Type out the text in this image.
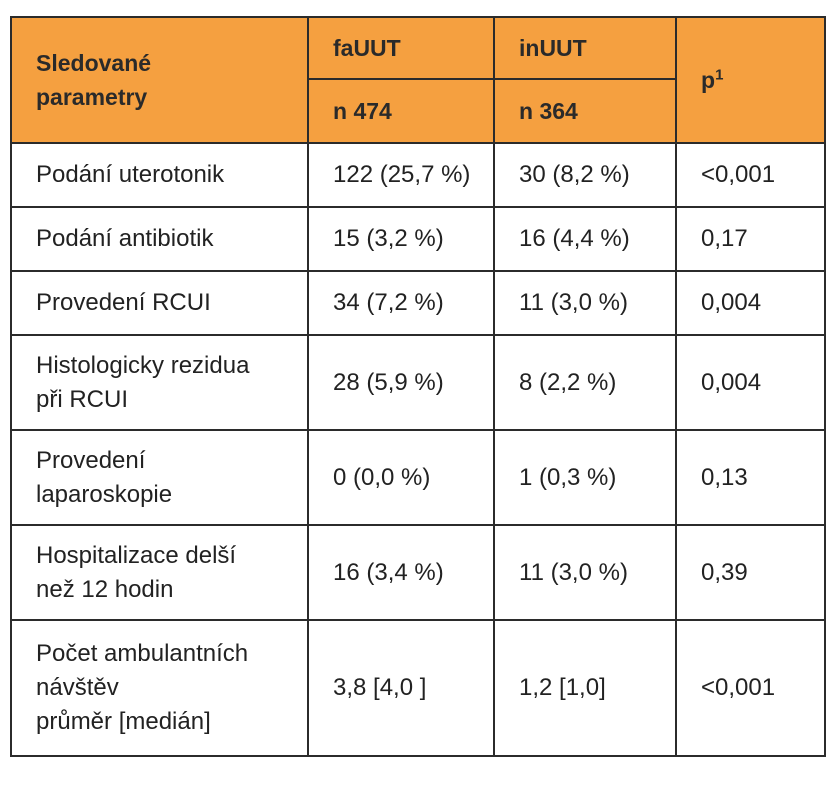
Sledované
parametry	faUUT	inUUT	$p^1$
	n 474	n 364	
Podání uterotonik	122 (25,7 %)	30 (8,2 %)	<0,001
Podání antibiotik	15 (3,2 %)	16 (4,4 %)	0,17
Provedení RCUI	34 (7,2 %)	11 (3,0 %)	0,004
Histologicky rezidua
při RCUI	28 (5,9 %)	8 (2,2 %)	0,004
Provedení
laparoskopie	0 (0,0 %)	1 (0,3 %)	0,13
Hospitalizace delší
než 12 hodin	16 (3,4 %)	11 (3,0 %)	0,39
Počet ambulantních
návštěv
průměr [medián]	3,8 [4,0 ]	1,2 [1,0]	<0,001
